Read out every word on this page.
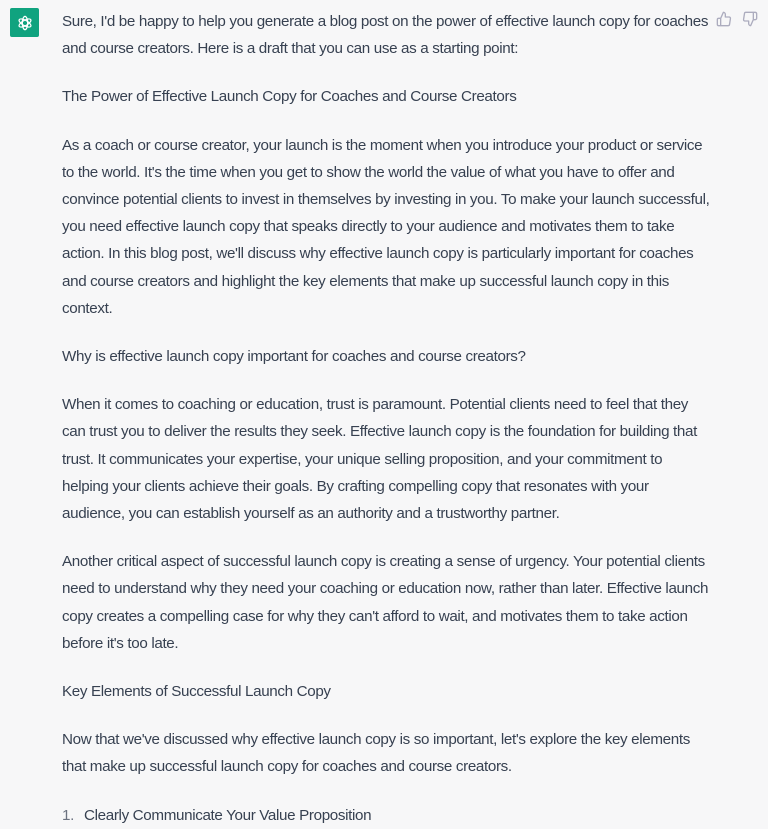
Sure, I'd be happy to help you generate a blog post on the power of effective launch copy for coaches and course creators. Here is a draft that you can use as a starting point:

The Power of Effective Launch Copy for Coaches and Course Creators

As a coach or course creator, your launch is the moment when you introduce your product or service to the world. It's the time when you get to show the world the value of what you have to offer and convince potential clients to invest in themselves by investing in you. To make your launch successful, you need effective launch copy that speaks directly to your audience and motivates them to take action. In this blog post, we'll discuss why effective launch copy is particularly important for coaches and course creators and highlight the key elements that make up successful launch copy in this context.

Why is effective launch copy important for coaches and course creators?

When it comes to coaching or education, trust is paramount. Potential clients need to feel that they can trust you to deliver the results they seek. Effective launch copy is the foundation for building that trust. It communicates your expertise, your unique selling proposition, and your commitment to helping your clients achieve their goals. By crafting compelling copy that resonates with your audience, you can establish yourself as an authority and a trustworthy partner.

Another critical aspect of successful launch copy is creating a sense of urgency. Your potential clients need to understand why they need your coaching or education now, rather than later. Effective launch copy creates a compelling case for why they can't afford to wait, and motivates them to take action before it's too late.

Key Elements of Successful Launch Copy

Now that we've discussed why effective launch copy is so important, let's explore the key elements that make up successful launch copy for coaches and course creators.

1. Clearly Communicate Your Value Proposition
